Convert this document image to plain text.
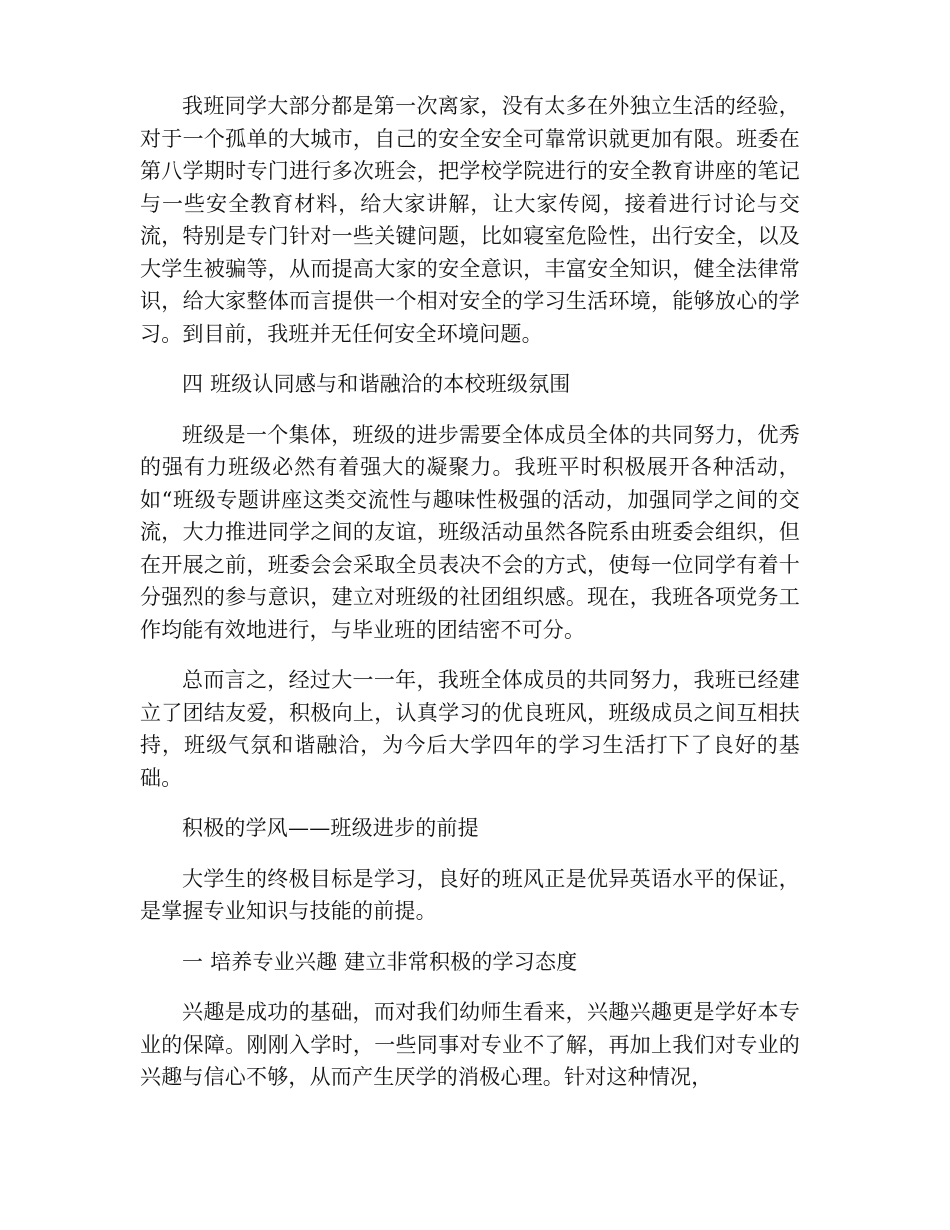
我班同学大部分都是第一次离家，没有太多在外独立生活的经验，对于一个孤单的大城市，自己的安全安全可靠常识就更加有限。班委在第八学期时专门进行多次班会，把学校学院进行的安全教育讲座的笔记与一些安全教育材料，给大家讲解，让大家传阅，接着进行讨论与交流，特别是专门针对一些关键问题，比如寝室危险性，出行安全，以及大学生被骗等，从而提高大家的安全意识，丰富安全知识，健全法律常识，给大家整体而言提供一个相对安全的学习生活环境，能够放心的学习。到目前，我班并无任何安全环境问题。

四 班级认同感与和谐融洽的本校班级氛围

班级是一个集体，班级的进步需要全体成员全体的共同努力，优秀的强有力班级必然有着强大的凝聚力。我班平时积极展开各种活动，如“班级专题讲座这类交流性与趣味性极强的活动，加强同学之间的交流，大力推进同学之间的友谊，班级活动虽然各院系由班委会组织，但在开展之前，班委会会采取全员表决不会的方式，使每一位同学有着十分强烈的参与意识，建立对班级的社团组织感。现在，我班各项党务工作均能有效地进行，与毕业班的团结密不可分。

总而言之，经过大一一年，我班全体成员的共同努力，我班已经建立了团结友爱，积极向上，认真学习的优良班风，班级成员之间互相扶持，班级气氛和谐融洽，为今后大学四年的学习生活打下了良好的基础。

积极的学风——班级进步的前提

大学生的终极目标是学习，良好的班风正是优异英语水平的保证，是掌握专业知识与技能的前提。

一 培养专业兴趣 建立非常积极的学习态度

兴趣是成功的基础，而对我们幼师生看来，兴趣兴趣更是学好本专业的保障。刚刚入学时，一些同事对专业不了解，再加上我们对专业的兴趣与信心不够，从而产生厌学的消极心理。针对这种情况，
